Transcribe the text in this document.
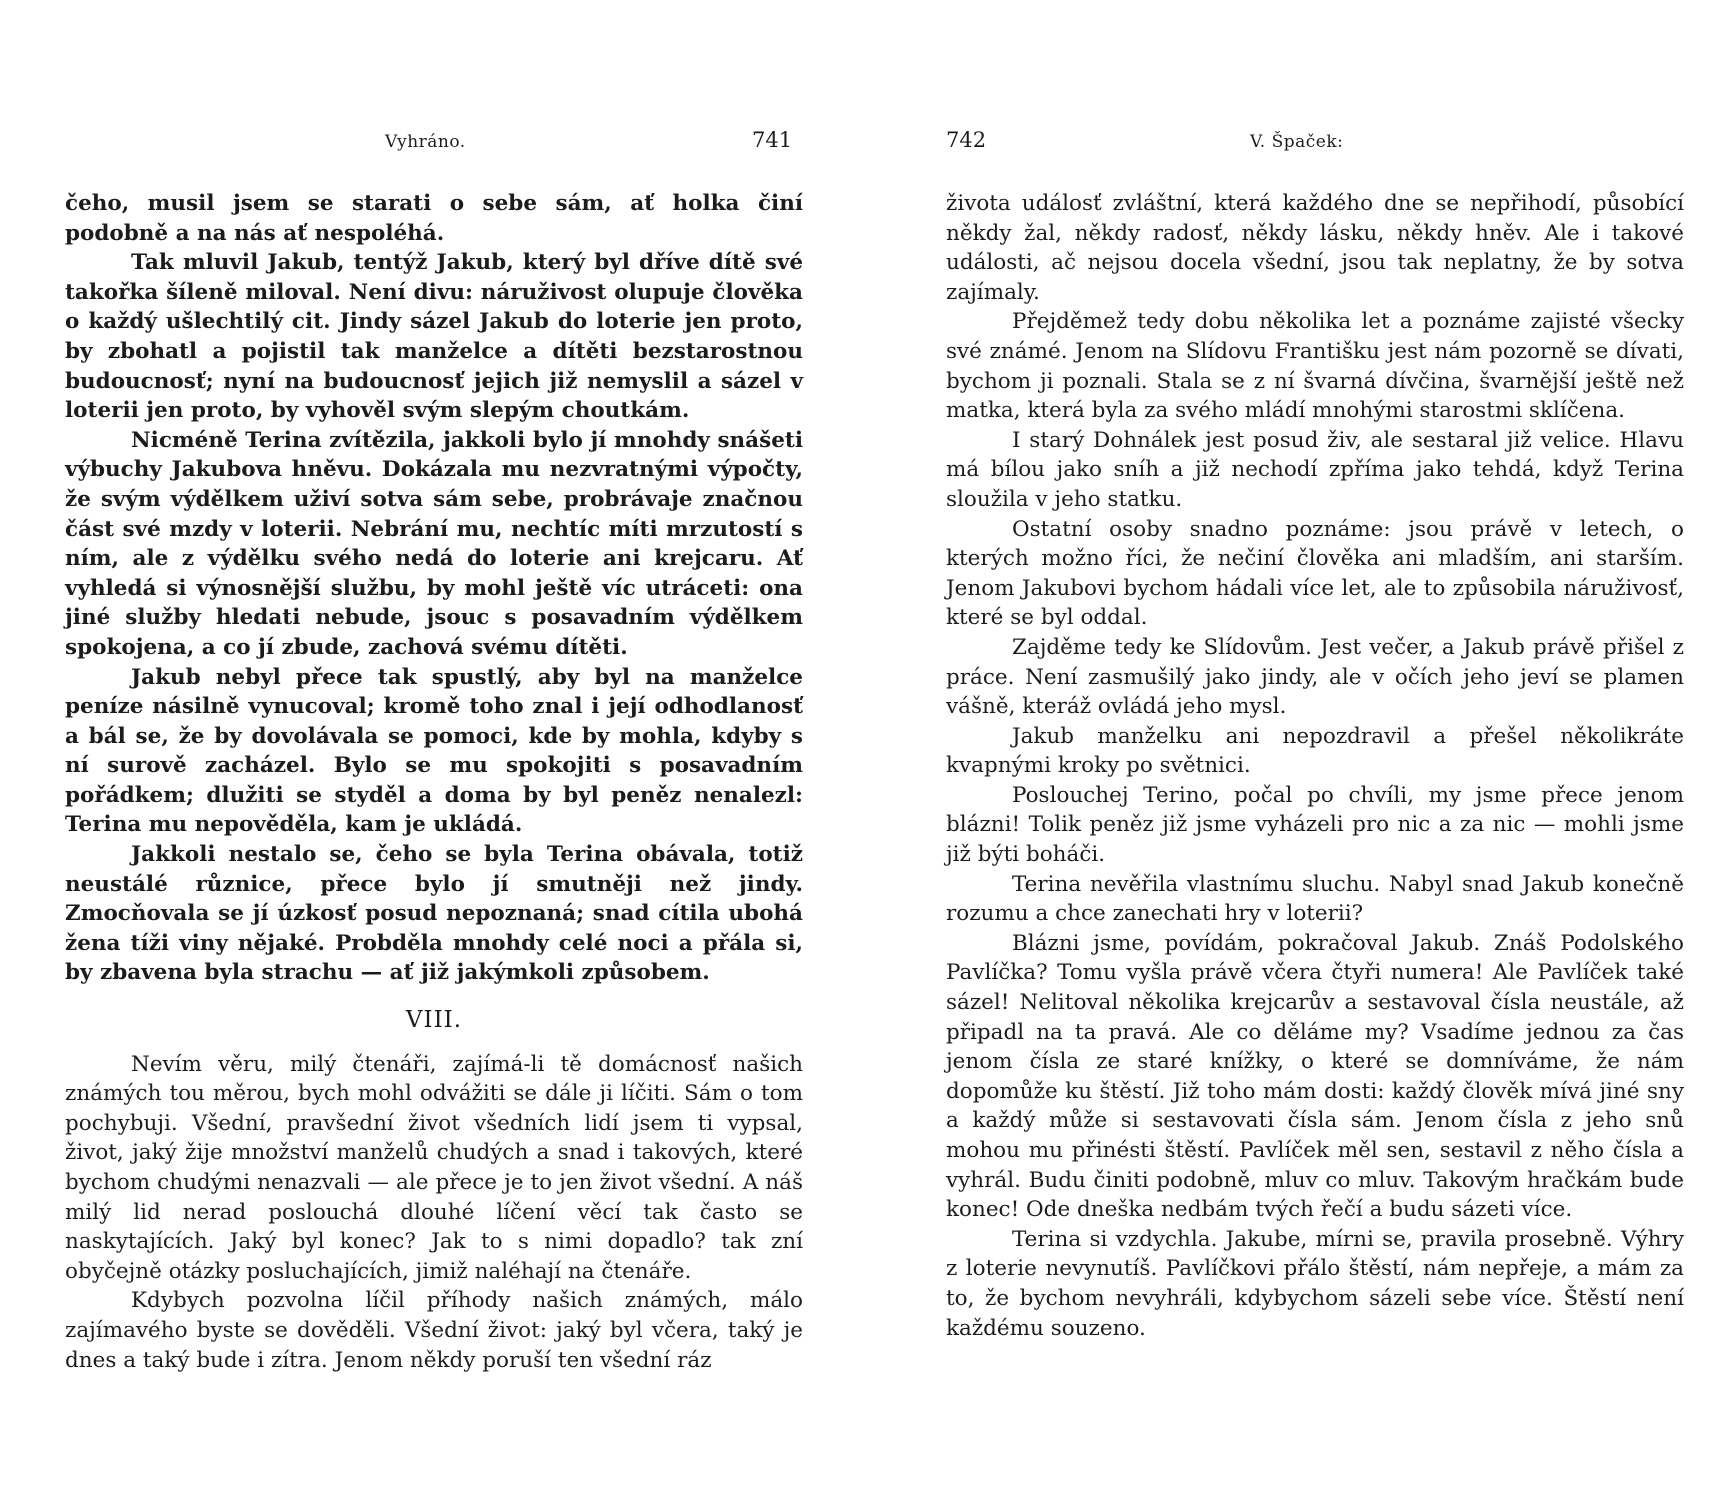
Vyhráno.	741

čeho, musil jsem se starati o sebe sám, ať holka činí podobně a na nás ať nespoléhá.

Tak mluvil Jakub, tentýž Jakub, který byl dříve dítě své takořka šíleně miloval. Není divu: náruživost olupuje člověka o každý ušlechtilý cit. Jindy sázel Jakub do loterie jen proto, by zbohatl a pojistil tak manželce a dítěti bezstarostnou budoucnosť; nyní na budoucnosť jejich již nemyslil a sázel v loterii jen proto, by vyhověl svým slepým choutkám.

Nicméně Terina zvítězila, jakkoli bylo jí mnohdy snášeti výbuchy Jakubova hněvu. Dokázala mu nezvratnými výpočty, že svým výdělkem uživí sotva sám sebe, probrávaje značnou část své mzdy v loterii. Nebrání mu, nechtíc míti mrzutostí s ním, ale z výdělku svého nedá do loterie ani krejcaru. Ať vyhledá si výnosnější službu, by mohl ještě víc utráceti: ona jiné služby hledati nebude, jsouc s posavadním výdělkem spokojena, a co jí zbude, zachová svému dítěti.

Jakub nebyl přece tak spustlý, aby byl na manželce peníze násilně vynucoval; kromě toho znal i její odhodlanosť a bál se, že by dovolávala se pomoci, kde by mohla, kdyby s ní surově zacházel. Bylo se mu spokojiti s posavadním pořádkem; dlužiti se styděl a doma by byl peněz nenalezl: Terina mu nepověděla, kam je ukládá.

Jakkoli nestalo se, čeho se byla Terina obávala, totiž neustálé různice, přece bylo jí smutněji než jindy. Zmocňovala se jí úzkosť posud nepoznaná; snad cítila ubohá žena tíži viny nějaké. Probděla mnohdy celé noci a přála si, by zbavena byla strachu — ať již jakýmkoli způsobem.

VIII.

Nevím věru, milý čtenáři, zajímá-li tě domácnosť našich známých tou měrou, bych mohl odvážiti se dále ji líčiti. Sám o tom pochybuji. Všední, pravšední život všedních lidí jsem ti vypsal, život, jaký žije množství manželů chudých a snad i takových, které bychom chudými nenazvali — ale přece je to jen život všední. A náš milý lid nerad poslouchá dlouhé líčení věcí tak často se naskytajících. Jaký byl konec? Jak to s nimi dopadlo? tak zní obyčejně otázky posluchajících, jimiž naléhají na čtenáře.

Kdybych pozvolna líčil příhody našich známých, málo zajímavého byste se dověděli. Všední život: jaký byl včera, taký je dnes a taký bude i zítra. Jenom někdy poruší ten všední ráz

742	V. Špaček:

života událosť zvláštní, která každého dne se nepřihodí, působící někdy žal, někdy radosť, někdy lásku, někdy hněv. Ale i takové události, ač nejsou docela všední, jsou tak neplatny, že by sotva zajímaly.

Přejděmež tedy dobu několika let a poznáme zajisté všecky své známé. Jenom na Slídovu Františku jest nám pozorně se dívati, bychom ji poznali. Stala se z ní švarná dívčina, švarnější ještě než matka, která byla za svého mládí mnohými starostmi sklíčena.

I starý Dohnálek jest posud živ, ale sestaral již velice. Hlavu má bílou jako sníh a již nechodí zpříma jako tehdá, když Terina sloužila v jeho statku.

Ostatní osoby snadno poznáme: jsou právě v letech, o kterých možno říci, že nečiní člověka ani mladším, ani starším. Jenom Jakubovi bychom hádali více let, ale to způsobila náruživosť, které se byl oddal.

Zajděme tedy ke Slídovům. Jest večer, a Jakub právě přišel z práce. Není zasmušilý jako jindy, ale v očích jeho jeví se plamen vášně, kteráž ovládá jeho mysl.

Jakub manželku ani nepozdravil a přešel několikráte kvapnými kroky po světnici.

Poslouchej Terino, počal po chvíli, my jsme přece jenom blázni! Tolik peněz již jsme vyházeli pro nic a za nic — mohli jsme již býti boháči.

Terina nevěřila vlastnímu sluchu. Nabyl snad Jakub konečně rozumu a chce zanechati hry v loterii?

Blázni jsme, povídám, pokračoval Jakub. Znáš Podolského Pavlíčka? Tomu vyšla právě včera čtyři numera! Ale Pavlíček také sázel! Nelitoval několika krejcarův a sestavoval čísla neustále, až připadl na ta pravá. Ale co děláme my? Vsadíme jednou za čas jenom čísla ze staré knížky, o které se domníváme, že nám dopomůže ku štěstí. Již toho mám dosti: každý člověk mívá jiné sny a každý může si sestavovati čísla sám. Jenom čísla z jeho snů mohou mu přinésti štěstí. Pavlíček měl sen, sestavil z něho čísla a vyhrál. Budu činiti podobně, mluv co mluv. Takovým hračkám bude konec! Ode dneška nedbám tvých řečí a budu sázeti více.

Terina si vzdychla. Jakube, mírni se, pravila prosebně. Výhry z loterie nevynutíš. Pavlíčkovi přálo štěstí, nám nepřeje, a mám za to, že bychom nevyhráli, kdybychom sázeli sebe více. Štěstí není každému souzeno.
